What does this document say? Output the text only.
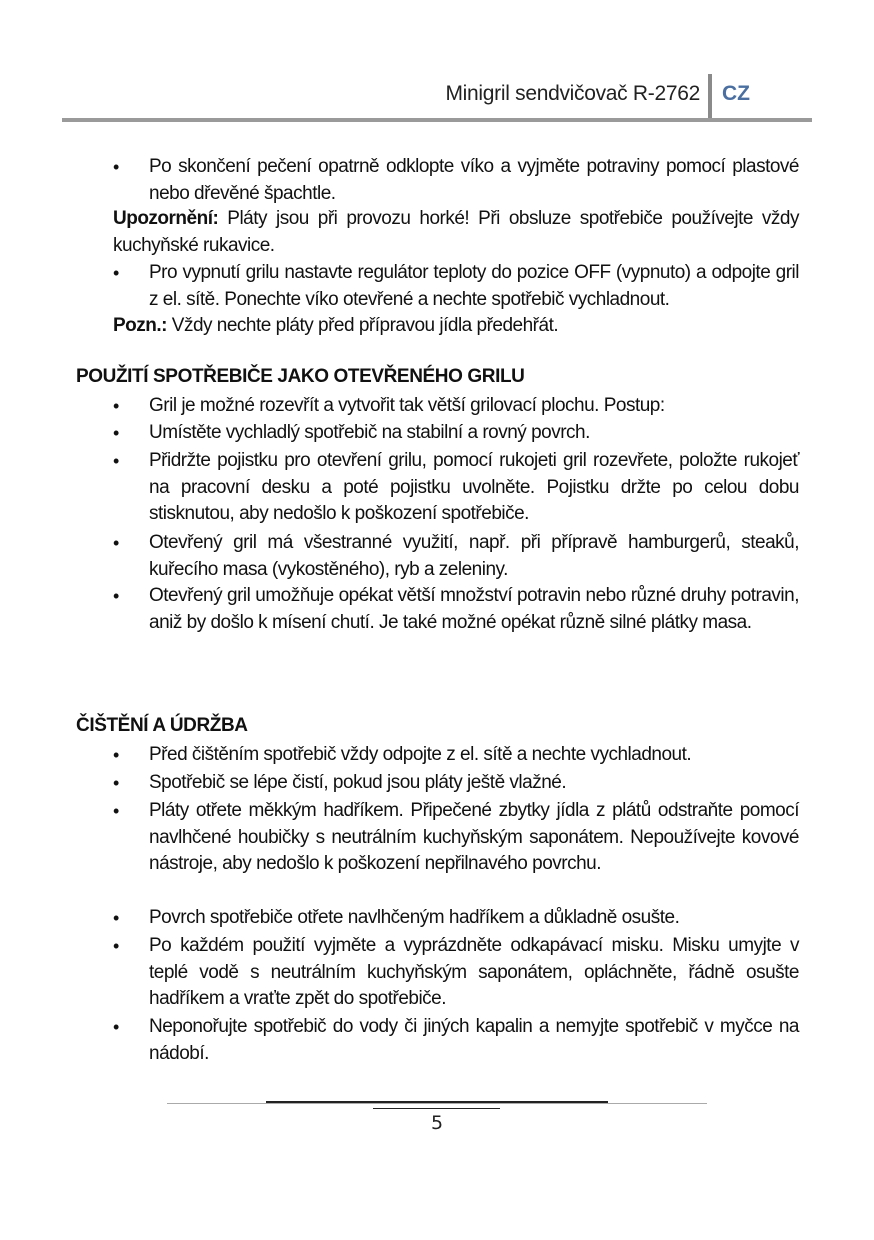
Minigril sendvičovač R-2762 CZ
• Po skončení pečení opatrně odklopte víko a vyjměte potraviny pomocí plastové nebo dřevěné špachtle.
Upozornění: Pláty jsou při provozu horké! Při obsluze spotřebiče používejte vždy kuchyňské rukavice.
• Pro vypnutí grilu nastavte regulátor teploty do pozice OFF (vypnuto) a odpojte gril z el. sítě. Ponechte víko otevřené a nechte spotřebič vychladnout.
Pozn.: Vždy nechte pláty před přípravou jídla předehřát.
POUŽITÍ SPOTŘEBIČE JAKO OTEVŘENÉHO GRILU
• Gril je možné rozevřít a vytvořit tak větší grilovací plochu. Postup:
• Umístěte vychladlý spotřebič na stabilní a rovný povrch.
• Přidržte pojistku pro otevření grilu, pomocí rukojeti gril rozevřete, položte rukojeť na pracovní desku a poté pojistku uvolněte. Pojistku držte po celou dobu stisknutou, aby nedošlo k poškození spotřebiče.
• Otevřený gril má všestranné využití, např. při přípravě hamburgerů, steaků, kuřecího masa (vykostěného), ryb a zeleniny.
• Otevřený gril umožňuje opékat větší množství potravin nebo různé druhy potravin, aniž by došlo k mísení chutí. Je také možné opékat různě silné plátky masa.
ČIŠTĚNÍ A ÚDRŽBA
• Před čištěním spotřebič vždy odpojte z el. sítě a nechte vychladnout.
• Spotřebič se lépe čistí, pokud jsou pláty ještě vlažné.
• Pláty otřete měkkým hadříkem. Připečené zbytky jídla z plátů odstraňte pomocí navlhčené houbičky s neutrálním kuchyňským saponátem. Nepoužívejte kovové nástroje, aby nedošlo k poškození nepřilnavého povrchu.
• Povrch spotřebiče otřete navlhčeným hadříkem a důkladně osušte.
• Po každém použití vyjměte a vyprázdněte odkapávací misku. Misku umyjte v teplé vodě s neutrálním kuchyňským saponátem, opláchněte, řádně osušte hadříkem a vraťte zpět do spotřebiče.
• Neponořujte spotřebič do vody či jiných kapalin a nemyjte spotřebič v myčce na nádobí.
5
